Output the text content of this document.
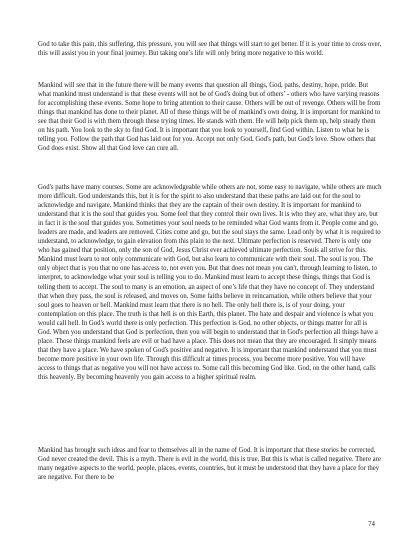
God to take this pain, this suffering, this pressure, you will see that things will start to get better. If it is your time to cross over, this will assist you in your final journey. But taking one’s life will only bring more negative to this world.

Mankind will see that in the future there will be many events that question all things, God, paths, destiny, hope, pride. But what mankind must understand is that these events will not be of God's doing but of others’ - others who have varying reasons for accomplishing these events. Some hope to bring attention to their cause. Others will be out of revenge. Others will be from things that mankind has done to their planet. All of these things will be of mankind's own doing. It is important for mankind to see that their God is with them through these trying times. He stands with them. He will help pick them up, help steady them on his path. You look to the sky to find God. It is important that you look to yourself, find God within. Listen to what he is telling you. Follow the path that God has laid out for you. Accept not only God, God's path, but God's love. Show others that God does exist. Show all that God love can cure all.

God's paths have many courses. Some are acknowledgeable while others are not, some easy to navigate, while others are much more difficult. God understands this, but it is for the spirit to also understand that these paths are laid out for the soul to acknowledge and navigate. Mankind thinks that they are the captain of their own destiny. It is important for mankind to understand that it is the soul that guides you. Some feel that they control their own lives. It is who they are, what they are, but in fact it is the soul that guides you. Sometimes your soul needs to be reminded what God wants from it. People come and go, leaders are made, and leaders are removed. Cities come and go, but the soul stays the same. Lead only by what it is required to understand, to acknowledge, to gain elevation from this plain to the next. Ultimate perfection is reserved. There is only one who has gained that position, only the son of God, Jesus Christ ever achieved ultimate perfection. Souls all strive for this. Mankind must learn to not only communicate with God, but also learn to communicate with their soul. The soul is you. The only object that is you that no one has access to, not even you. But that does not mean you can't, through learning to listen, to interpret, to acknowledge what your soul is telling you to do. Mankind must learn to accept these things, things that God is telling them to accept. The soul to many is an emotion, an aspect of one’s life that they have no concept of. They understand that when they pass, the soul is released, and moves on. Some faiths believe in reincarnation, while others believe that your soul goes to heaven or hell. Mankind must learn that there is no hell. The only hell there is, is of your doing, your contemplation on this place. The truth is that hell is on this Earth, this planet. The hate and despair and violence is what you would call hell. In God's world there is only perfection. This perfection is God, no other objects, or things matter for all is God. When you understand that God is perfection, then you will begin to understand that in God's perfection all things have a place. Those things mankind feels are evil or bad have a place. This does not mean that they are encouraged. It simply means that they have a place. We have spoken of God's positive and negative. It is important that mankind understand that you must become more positive in your own life. Through this difficult at times process, you become more positive. You will have access to things that as negative you will not have access to. Some call this becoming God like. God, on the other hand, calls this heavenly. By becoming heavenly you gain access to a higher spiritual realm.

Mankind has brought such ideas and fear to themselves all in the name of God. It is important that these stories be corrected. God never created the devil. This is a myth. There is evil in the world, this is true. But this is what is called negative. There are many negative aspects to the world, people, places, events, countries, but it must be understood that they have a place for they are negative. For there to be

74
